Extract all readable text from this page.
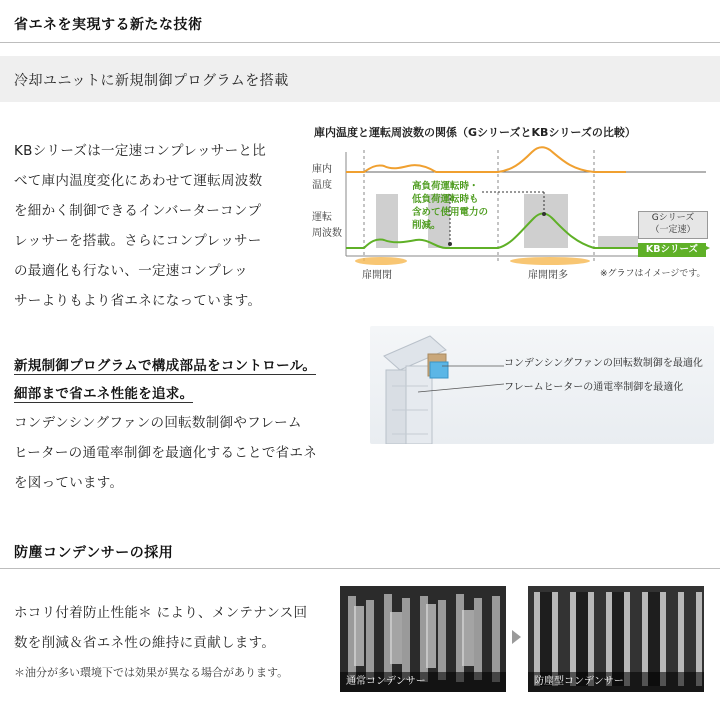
省エネを実現する新たな技術
冷却ユニットに新規制御プログラムを搭載
KBシリーズは一定速コンプレッサーと比
べて庫内温度変化にあわせて運転周波数
を細かく制御できるインバーターコンプ
レッサーを搭載。さらにコンプレッサー
の最適化も行ない、一定速コンプレッ
サーよりもより省エネになっています。
庫内温度と運転周波数の関係（GシリーズとKBシリーズの比較）
庫内
温度
運転
周波数
高負荷運転時・
低負荷運転時も
含めて使用電力の
削減。
Gシリーズ
（一定速）
KBシリーズ
扉開閉	扉開閉多	※グラフはイメージです。
新規制御プログラムで構成部品をコントロール。
細部まで省エネ性能を追求。
コンデンシングファンの回転数制御やフレーム
ヒーターの通電率制御を最適化することで省エネ
を図っています。
コンデンシングファンの回転数制御を最適化
フレームヒーターの通電率制御を最適化
防塵コンデンサーの採用
ホコリ付着防止性能＊ により、メンテナンス回
数を削減＆省エネ性の維持に貢献します。
＊油分が多い環境下では効果が異なる場合があります。
通常コンデンサー	防塵型コンデンサー
